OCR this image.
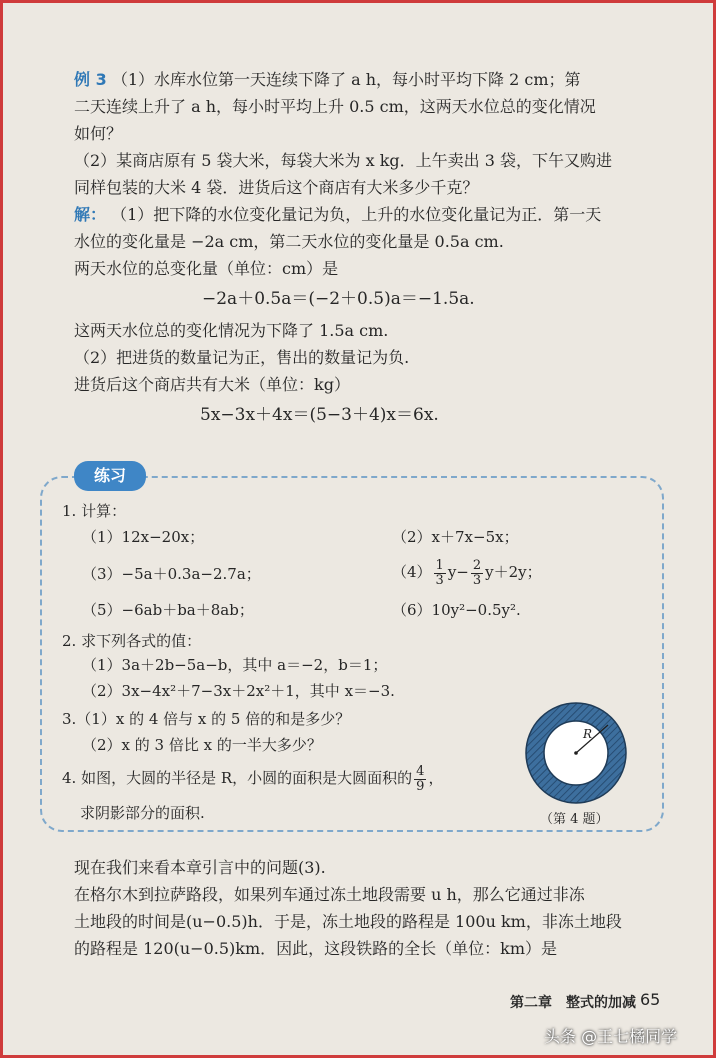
例 3 （1）水库水位第一天连续下降了 a h，每小时平均下降 2 cm；第
二天连续上升了 a h，每小时平均上升 0.5 cm，这两天水位总的变化情况
如何？
（2）某商店原有 5 袋大米，每袋大米为 x kg．上午卖出 3 袋，下午又购进
同样包装的大米 4 袋．进货后这个商店有大米多少千克？
解： （1）把下降的水位变化量记为负，上升的水位变化量记为正．第一天
水位的变化量是 −2a cm，第二天水位的变化量是 0.5a cm.
两天水位的总变化量（单位：cm）是
−2a＋0.5a＝(−2＋0.5)a＝−1.5a.
这两天水位总的变化情况为下降了 1.5a cm.
（2）把进货的数量记为正，售出的数量记为负.
进货后这个商店共有大米（单位：kg）
5x−3x＋4x＝(5−3＋4)x＝6x.
练习
1. 计算：
（1）12x−20x；	（2）x＋7x−5x；
（3）−5a＋0.3a−2.7a；	$(4) \frac{1}{3} y- \frac{2}{3} y+2y$；
（5）−6ab＋ba＋8ab；	（6）10y²−0.5y².
2. 求下列各式的值：
（1）3a＋2b−5a−b，其中 a＝−2，b＝1；
（2）3x−4x²＋7−3x＋2x²＋1，其中 x＝−3.
3.（1）x 的 4 倍与 x 的 5 倍的和是多少？
（2）x 的 3 倍比 x 的一半大多少？
4. 如图，大圆的半径是 R，小圆的面积是大圆面积的 $\frac{4}{9}$ ，
求阴影部分的面积.
R
（第 4 题）
现在我们来看本章引言中的问题(3).
在格尔木到拉萨路段，如果列车通过冻土地段需要 u h，那么它通过非冻
土地段的时间是(u−0.5)h．于是，冻土地段的路程是 100u km，非冻土地段
的路程是 120(u−0.5)km．因此，这段铁路的全长（单位：km）是
第二章　整式的加减 65
头条 @王七橘同学
